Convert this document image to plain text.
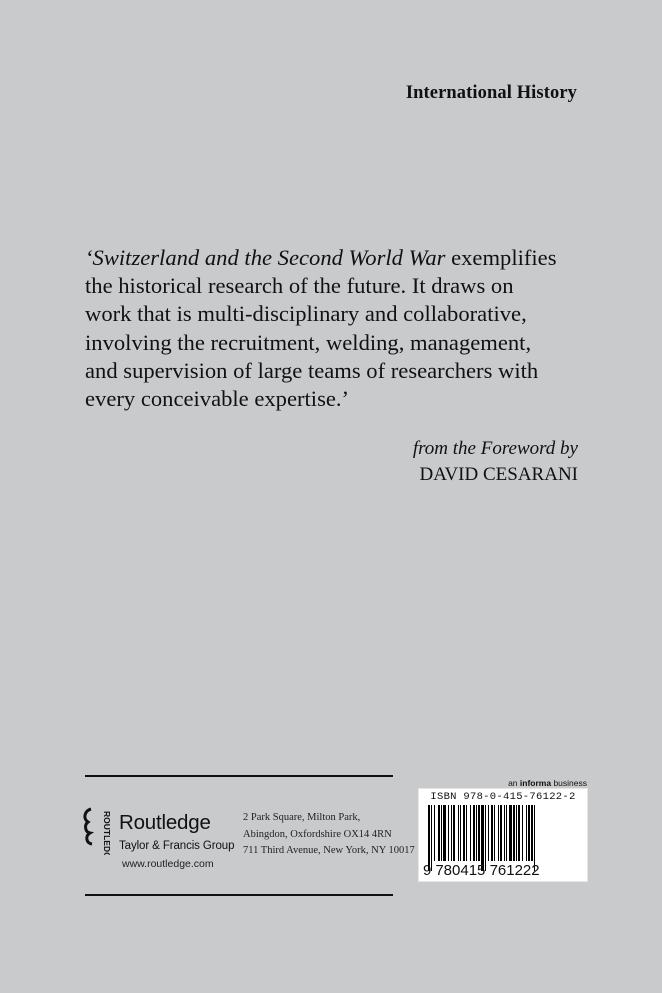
International History

‘Switzerland and the Second World War exemplifies

the historical research of the future. It draws on

work that is multi-disciplinary and collaborative,

involving the recruitment, welding, management,

and supervision of large teams of researchers with

every conceivable expertise.’

from the Foreword by
DAVID CESARANI
ROUTLEDGE Routledge
Taylor & Francis Group
2 Park Square, Milton Park,
Abingdon, Oxfordshire OX14 4RN
711 Third Avenue, New York, NY 10017
www.routledge.com
an informa business
ISBN 978-0-415-76122-2
9 780415 761222
